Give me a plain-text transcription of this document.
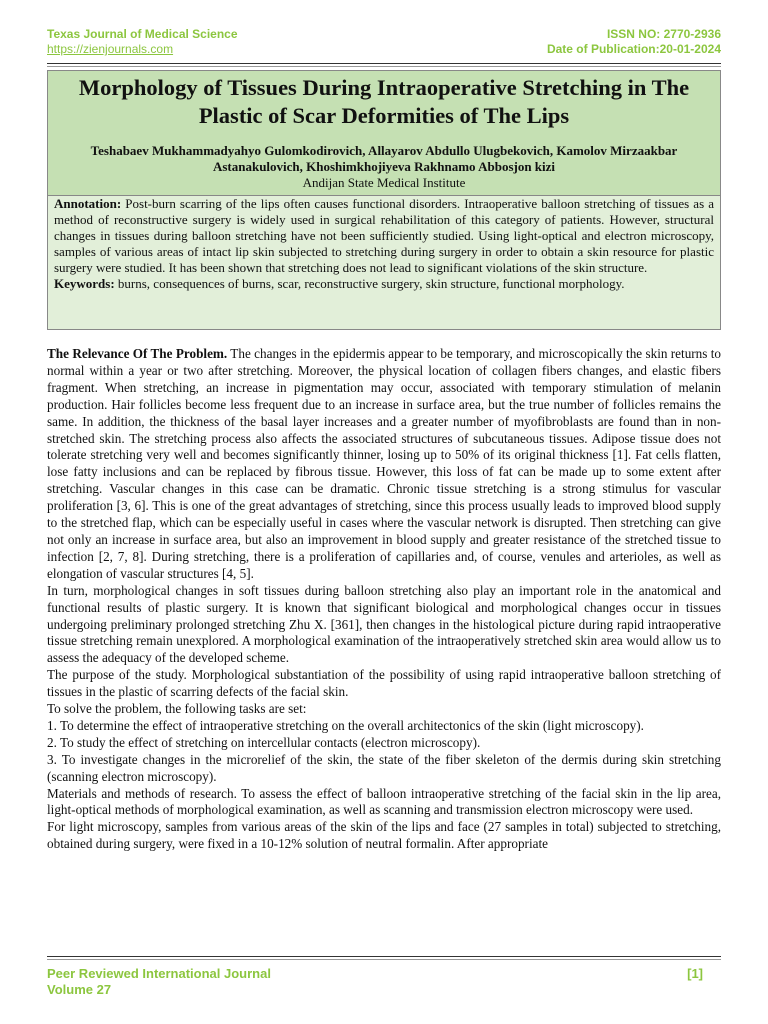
Texas Journal of Medical Science
https://zienjournals.com
ISSN NO: 2770-2936
Date of Publication:20-01-2024
Morphology of Tissues During Intraoperative Stretching in The Plastic of Scar Deformities of The Lips
Teshabaev Mukhammadyahyo Gulomkodirovich, Allayarov Abdullo Ulugbekovich, Kamolov Mirzaakbar Astanakulovich, Khoshimkhojiyeva Rakhnamo Abbosjon kizi
Andijan State Medical Institute

Annotation: Post-burn scarring of the lips often causes functional disorders. Intraoperative balloon stretching of tissues as a method of reconstructive surgery is widely used in surgical rehabilitation of this category of patients. However, structural changes in tissues during balloon stretching have not been sufficiently studied. Using light-optical and electron microscopy, samples of various areas of intact lip skin subjected to stretching during surgery in order to obtain a skin resource for plastic surgery were studied. It has been shown that stretching does not lead to significant violations of the skin structure.

Keywords: burns, consequences of burns, scar, reconstructive surgery, skin structure, functional morphology.

The Relevance Of The Problem. The changes in the epidermis appear to be temporary, and microscopically the skin returns to normal within a year or two after stretching. Moreover, the physical location of collagen fibers changes, and elastic fibers fragment. When stretching, an increase in pigmentation may occur, associated with temporary stimulation of melanin production. Hair follicles become less frequent due to an increase in surface area, but the true number of follicles remains the same. In addition, the thickness of the basal layer increases and a greater number of myofibroblasts are found than in non-stretched skin. The stretching process also affects the associated structures of subcutaneous tissues. Adipose tissue does not tolerate stretching very well and becomes significantly thinner, losing up to 50% of its original thickness [1]. Fat cells flatten, lose fatty inclusions and can be replaced by fibrous tissue. However, this loss of fat can be made up to some extent after stretching. Vascular changes in this case can be dramatic. Chronic tissue stretching is a strong stimulus for vascular proliferation [3, 6]. This is one of the great advantages of stretching, since this process usually leads to improved blood supply to the stretched flap, which can be especially useful in cases where the vascular network is disrupted. Then stretching can give not only an increase in surface area, but also an improvement in blood supply and greater resistance of the stretched tissue to infection [2, 7, 8]. During stretching, there is a proliferation of capillaries and, of course, venules and arterioles, as well as elongation of vascular structures [4, 5].

In turn, morphological changes in soft tissues during balloon stretching also play an important role in the anatomical and functional results of plastic surgery. It is known that significant biological and morphological changes occur in tissues undergoing preliminary prolonged stretching Zhu X. [361], then changes in the histological picture during rapid intraoperative tissue stretching remain unexplored. A morphological examination of the intraoperatively stretched skin area would allow us to assess the adequacy of the developed scheme.

The purpose of the study. Morphological substantiation of the possibility of using rapid intraoperative balloon stretching of tissues in the plastic of scarring defects of the facial skin.

To solve the problem, the following tasks are set:

1. To determine the effect of intraoperative stretching on the overall architectonics of the skin (light microscopy).

2. To study the effect of stretching on intercellular contacts (electron microscopy).

3. To investigate changes in the microrelief of the skin, the state of the fiber skeleton of the dermis during skin stretching (scanning electron microscopy).

Materials and methods of research. To assess the effect of balloon intraoperative stretching of the facial skin in the lip area, light-optical methods of morphological examination, as well as scanning and transmission electron microscopy were used.

For light microscopy, samples from various areas of the skin of the lips and face (27 samples in total) subjected to stretching, obtained during surgery, were fixed in a 10-12% solution of neutral formalin. After appropriate

Peer Reviewed International Journal
Volume 27
[1]
